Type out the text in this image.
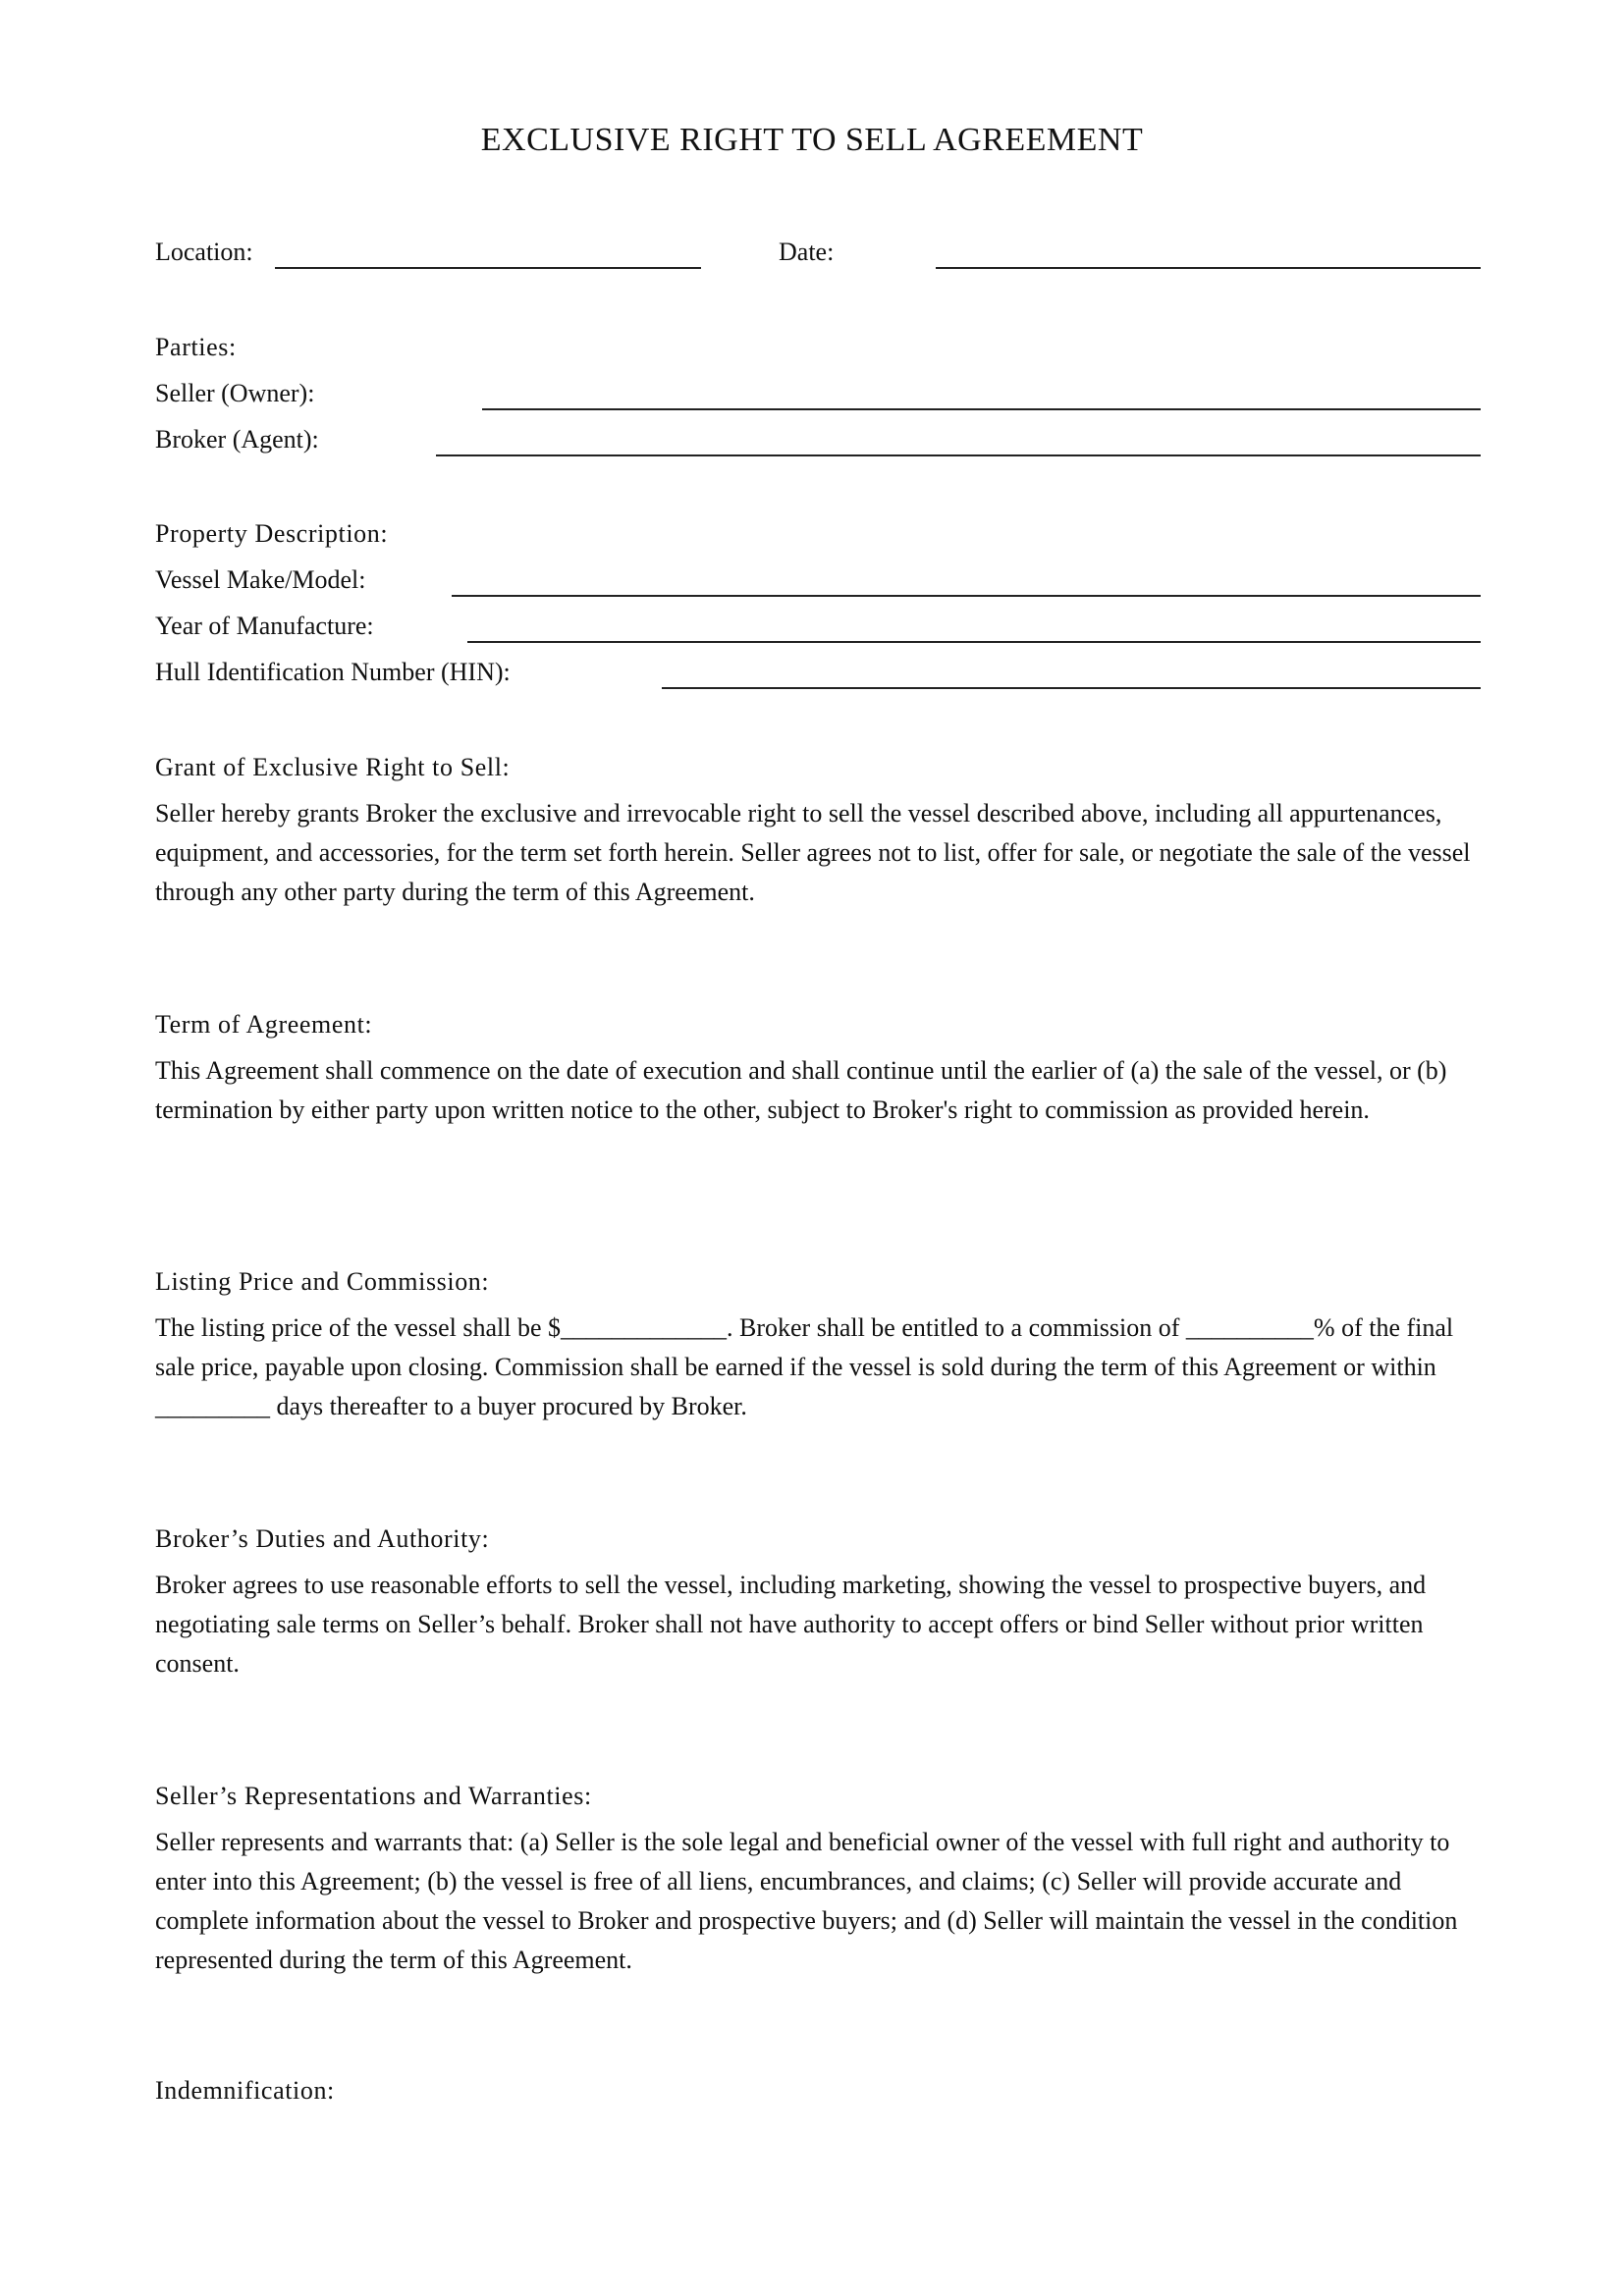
EXCLUSIVE RIGHT TO SELL AGREEMENT
Location:	Date:
Parties:
Seller (Owner):
Broker (Agent):
Property Description:
Vessel Make/Model:
Year of Manufacture:
Hull Identification Number (HIN):
Grant of Exclusive Right to Sell:
Seller hereby grants Broker the exclusive and irrevocable right to sell the vessel described above, including all appurtenances, equipment, and accessories, for the term set forth herein. Seller agrees not to list, offer for sale, or negotiate the sale of the vessel through any other party during the term of this Agreement.
Term of Agreement:
This Agreement shall commence on the date of execution and shall continue until the earlier of (a) the sale of the vessel, or (b) termination by either party upon written notice to the other, subject to Broker's right to commission as provided herein.
Listing Price and Commission:
The listing price of the vessel shall be $_____________. Broker shall be entitled to a commission of __________% of the final sale price, payable upon closing. Commission shall be earned if the vessel is sold during the term of this Agreement or within _________ days thereafter to a buyer procured by Broker.
Broker’s Duties and Authority:
Broker agrees to use reasonable efforts to sell the vessel, including marketing, showing the vessel to prospective buyers, and negotiating sale terms on Seller’s behalf. Broker shall not have authority to accept offers or bind Seller without prior written consent.
Seller’s Representations and Warranties:
Seller represents and warrants that: (a) Seller is the sole legal and beneficial owner of the vessel with full right and authority to enter into this Agreement; (b) the vessel is free of all liens, encumbrances, and claims; (c) Seller will provide accurate and complete information about the vessel to Broker and prospective buyers; and (d) Seller will maintain the vessel in the condition represented during the term of this Agreement.
Indemnification:
